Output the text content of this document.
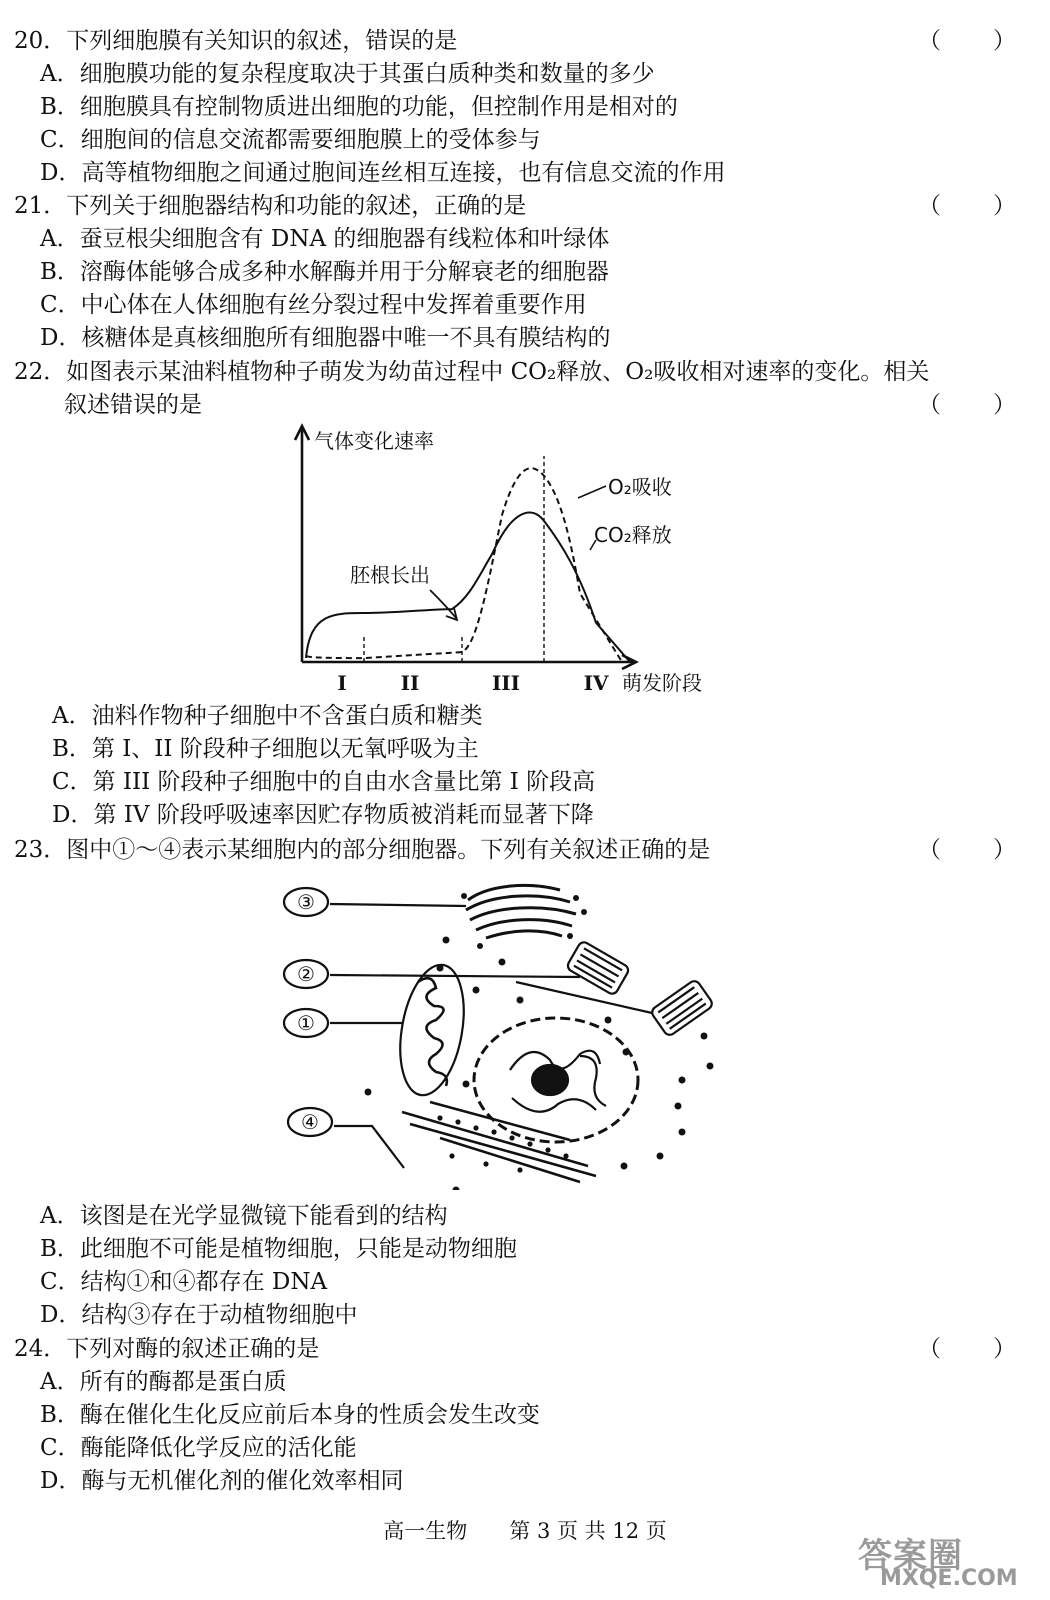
20．下列细胞膜有关知识的叙述，错误的是	（　　）
A．细胞膜功能的复杂程度取决于其蛋白质种类和数量的多少
B．细胞膜具有控制物质进出细胞的功能，但控制作用是相对的
C．细胞间的信息交流都需要细胞膜上的受体参与
D．高等植物细胞之间通过胞间连丝相互连接，也有信息交流的作用
21．下列关于细胞器结构和功能的叙述，正确的是	（　　）
A．蚕豆根尖细胞含有 DNA 的细胞器有线粒体和叶绿体
B．溶酶体能够合成多种水解酶并用于分解衰老的细胞器
C．中心体在人体细胞有丝分裂过程中发挥着重要作用
D．核糖体是真核细胞所有细胞器中唯一不具有膜结构的
22．如图表示某油料植物种子萌发为幼苗过程中 CO₂释放、O₂吸收相对速率的变化。相关
叙述错误的是	（　　）
气体变化速率
萌发阶段
I	II	III	IV
O₂吸收
CO₂释放
胚根长出
A．油料作物种子细胞中不含蛋白质和糖类
B．第 I、II 阶段种子细胞以无氧呼吸为主
C．第 III 阶段种子细胞中的自由水含量比第 I 阶段高
D．第 IV 阶段呼吸速率因贮存物质被消耗而显著下降
23．图中①～④表示某细胞内的部分细胞器。下列有关叙述正确的是	（　　）
③
②
①
④
A．该图是在光学显微镜下能看到的结构
B．此细胞不可能是植物细胞，只能是动物细胞
C．结构①和④都存在 DNA
D．结构③存在于动植物细胞中
24．下列对酶的叙述正确的是	（　　）
A．所有的酶都是蛋白质
B．酶在催化生化反应前后本身的性质会发生改变
C．酶能降低化学反应的活化能
D．酶与无机催化剂的催化效率相同
高一生物　　第 3 页 共 12 页
答案圈
MXQE.COM
